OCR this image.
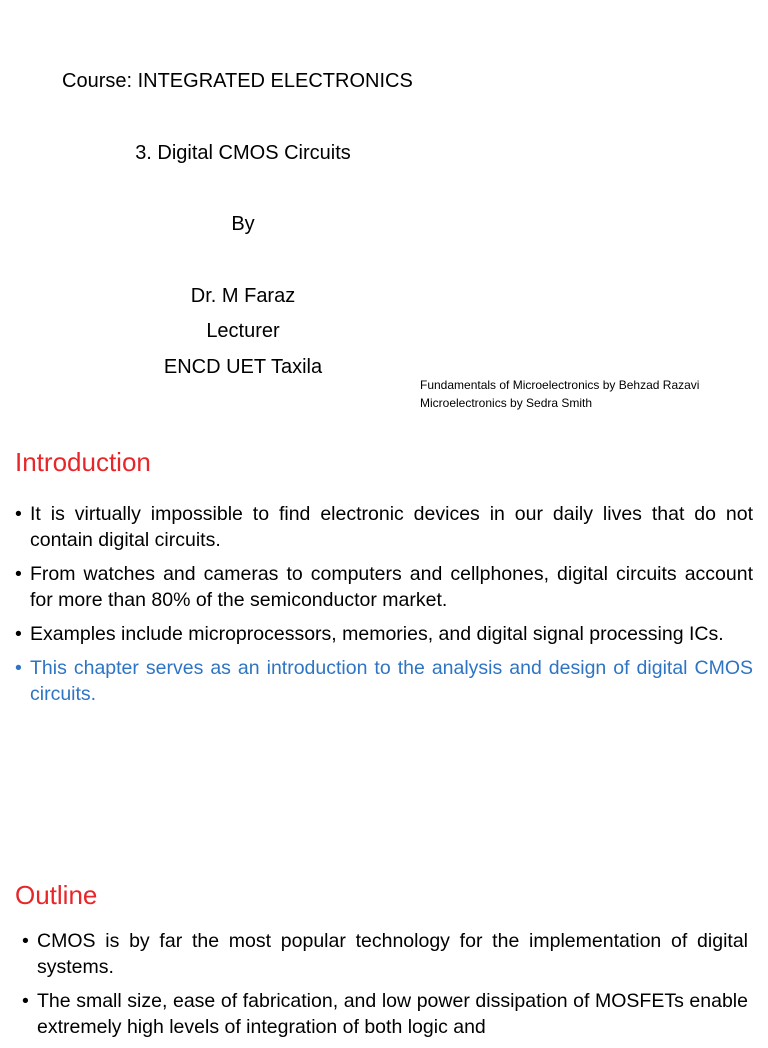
Course: INTEGRATED ELECTRONICS
3. Digital CMOS Circuits
By
Dr. M Faraz
Lecturer
ENCD UET Taxila
Fundamentals of Microelectronics by Behzad Razavi
Microelectronics by Sedra Smith
Introduction
• It is virtually impossible to find electronic devices in our daily lives that do not contain digital circuits.
• From watches and cameras to computers and cellphones, digital circuits account for more than 80% of the semiconductor market.
• Examples include microprocessors, memories, and digital signal processing ICs.
• This chapter serves as an introduction to the analysis and design of digital CMOS circuits.
Outline
• CMOS is by far the most popular technology for the implementation of digital systems.
• The small size, ease of fabrication, and low power dissipation of MOSFETs enable extremely high levels of integration of both logic and
